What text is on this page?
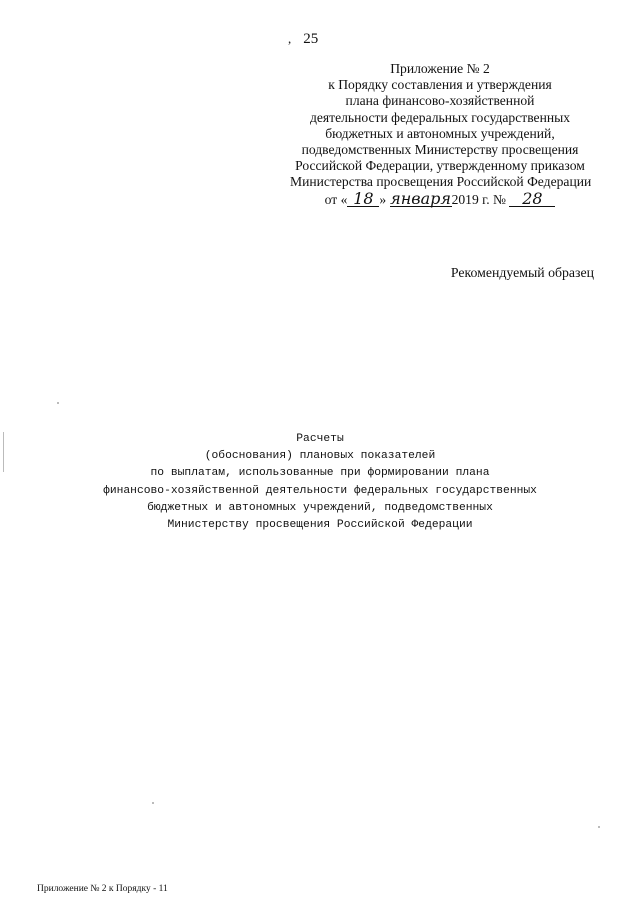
, 25
Приложение № 2
к Порядку составления и утверждения
плана финансово-хозяйственной
деятельности федеральных государственных
бюджетных и автономных учреждений,
подведомственных Министерству просвещения
Российской Федерации, утвержденному приказом
Министерства просвещения Российской Федерации
от « 18 » января2019 г. № 28
Рекомендуемый образец
Расчеты
(обоснования) плановых показателей
по выплатам, использованные при формировании плана
финансово-хозяйственной деятельности федеральных государственных
бюджетных и автономных учреждений, подведомственных
Министерству просвещения Российской Федерации
Приложение № 2 к Порядку - 11
